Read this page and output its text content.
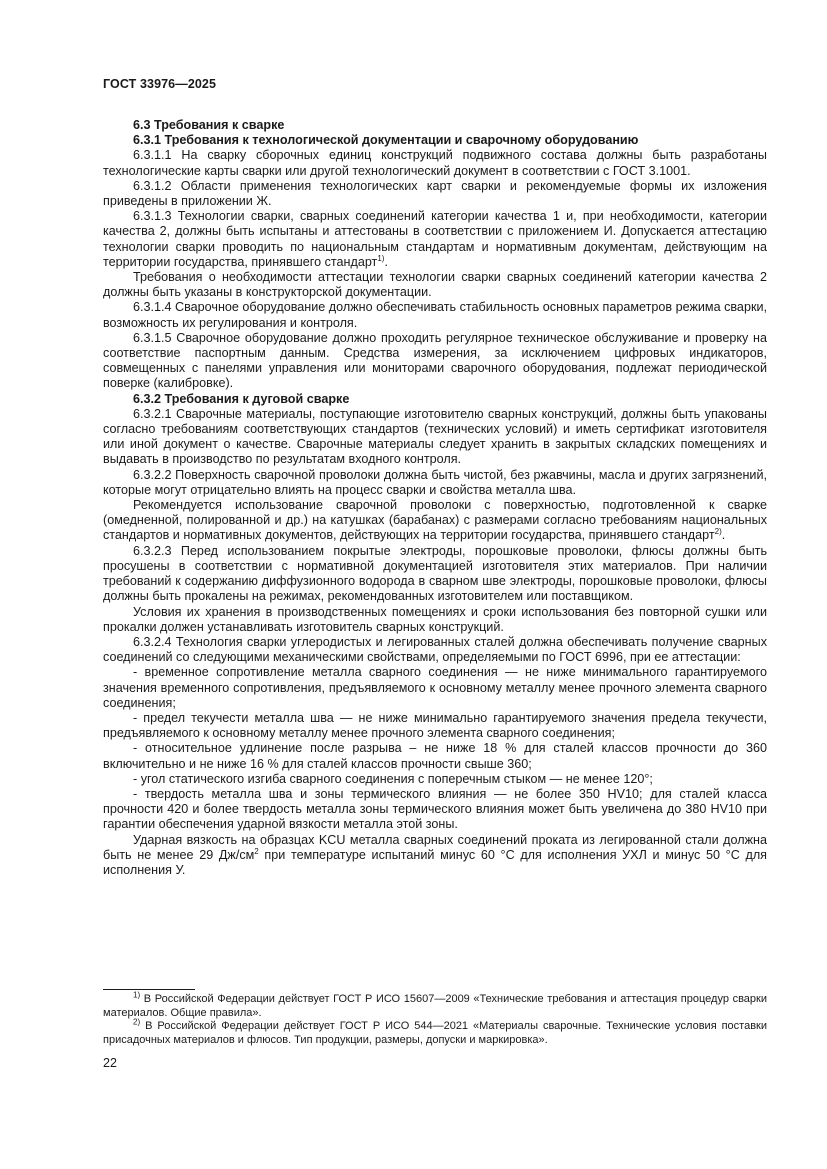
ГОСТ 33976—2025

6.3 Требования к сварке

6.3.1 Требования к технологической документации и сварочному оборудованию

6.3.1.1 На сварку сборочных единиц конструкций подвижного состава должны быть разработаны технологические карты сварки или другой технологический документ в соответствии с ГОСТ 3.1001.

6.3.1.2 Области применения технологических карт сварки и рекомендуемые формы их изложения приведены в приложении Ж.

6.3.1.3 Технологии сварки, сварных соединений категории качества 1 и, при необходимости, категории качества 2, должны быть испытаны и аттестованы в соответствии с приложением И. Допускается аттестацию технологии сварки проводить по национальным стандартам и нормативным документам, действующим на территории государства, принявшего стандарт$^{1)}$.

Требования о необходимости аттестации технологии сварки сварных соединений категории качества 2 должны быть указаны в конструкторской документации.

6.3.1.4 Сварочное оборудование должно обеспечивать стабильность основных параметров режима сварки, возможность их регулирования и контроля.

6.3.1.5 Сварочное оборудование должно проходить регулярное техническое обслуживание и проверку на соответствие паспортным данным. Средства измерения, за исключением цифровых индикаторов, совмещенных с панелями управления или мониторами сварочного оборудования, подлежат периодической поверке (калибровке).

6.3.2 Требования к дуговой сварке

6.3.2.1 Сварочные материалы, поступающие изготовителю сварных конструкций, должны быть упакованы согласно требованиям соответствующих стандартов (технических условий) и иметь сертификат изготовителя или иной документ о качестве. Сварочные материалы следует хранить в закрытых складских помещениях и выдавать в производство по результатам входного контроля.

6.3.2.2 Поверхность сварочной проволоки должна быть чистой, без ржавчины, масла и других загрязнений, которые могут отрицательно влиять на процесс сварки и свойства металла шва.

Рекомендуется использование сварочной проволоки с поверхностью, подготовленной к сварке (омедненной, полированной и др.) на катушках (барабанах) с размерами согласно требованиям национальных стандартов и нормативных документов, действующих на территории государства, принявшего стандарт$^{2)}$.

6.3.2.3 Перед использованием покрытые электроды, порошковые проволоки, флюсы должны быть просушены в соответствии с нормативной документацией изготовителя этих материалов. При наличии требований к содержанию диффузионного водорода в сварном шве электроды, порошковые проволоки, флюсы должны быть прокалены на режимах, рекомендованных изготовителем или поставщиком.

Условия их хранения в производственных помещениях и сроки использования без повторной сушки или прокалки должен устанавливать изготовитель сварных конструкций.

6.3.2.4 Технология сварки углеродистых и легированных сталей должна обеспечивать получение сварных соединений со следующими механическими свойствами, определяемыми по ГОСТ 6996, при ее аттестации:

- временное сопротивление металла сварного соединения — не ниже минимального гарантируемого значения временного сопротивления, предъявляемого к основному металлу менее прочного элемента сварного соединения;

- предел текучести металла шва — не ниже минимально гарантируемого значения предела текучести, предъявляемого к основному металлу менее прочного элемента сварного соединения;

- относительное удлинение после разрыва – не ниже 18 % для сталей классов прочности до 360 включительно и не ниже 16 % для сталей классов прочности свыше 360;

- угол статического изгиба сварного соединения с поперечным стыком — не менее 120°;

- твердость металла шва и зоны термического влияния — не более 350 HV10; для сталей класса прочности 420 и более твердость металла зоны термического влияния может быть увеличена до 380 HV10 при гарантии обеспечения ударной вязкости металла этой зоны.

Ударная вязкость на образцах KCU металла сварных соединений проката из легированной стали должна быть не менее 29 $Дж/см^2$ при температуре испытаний минус 60 °С для исполнения УХЛ и минус 50 °С для исполнения У.

$^{1)}$ В Российской Федерации действует ГОСТ Р ИСО 15607—2009 «Технические требования и аттестация процедур сварки материалов. Общие правила».

$^{2)}$ В Российской Федерации действует ГОСТ Р ИСО 544—2021 «Материалы сварочные. Технические условия поставки присадочных материалов и флюсов. Тип продукции, размеры, допуски и маркировка».

22
